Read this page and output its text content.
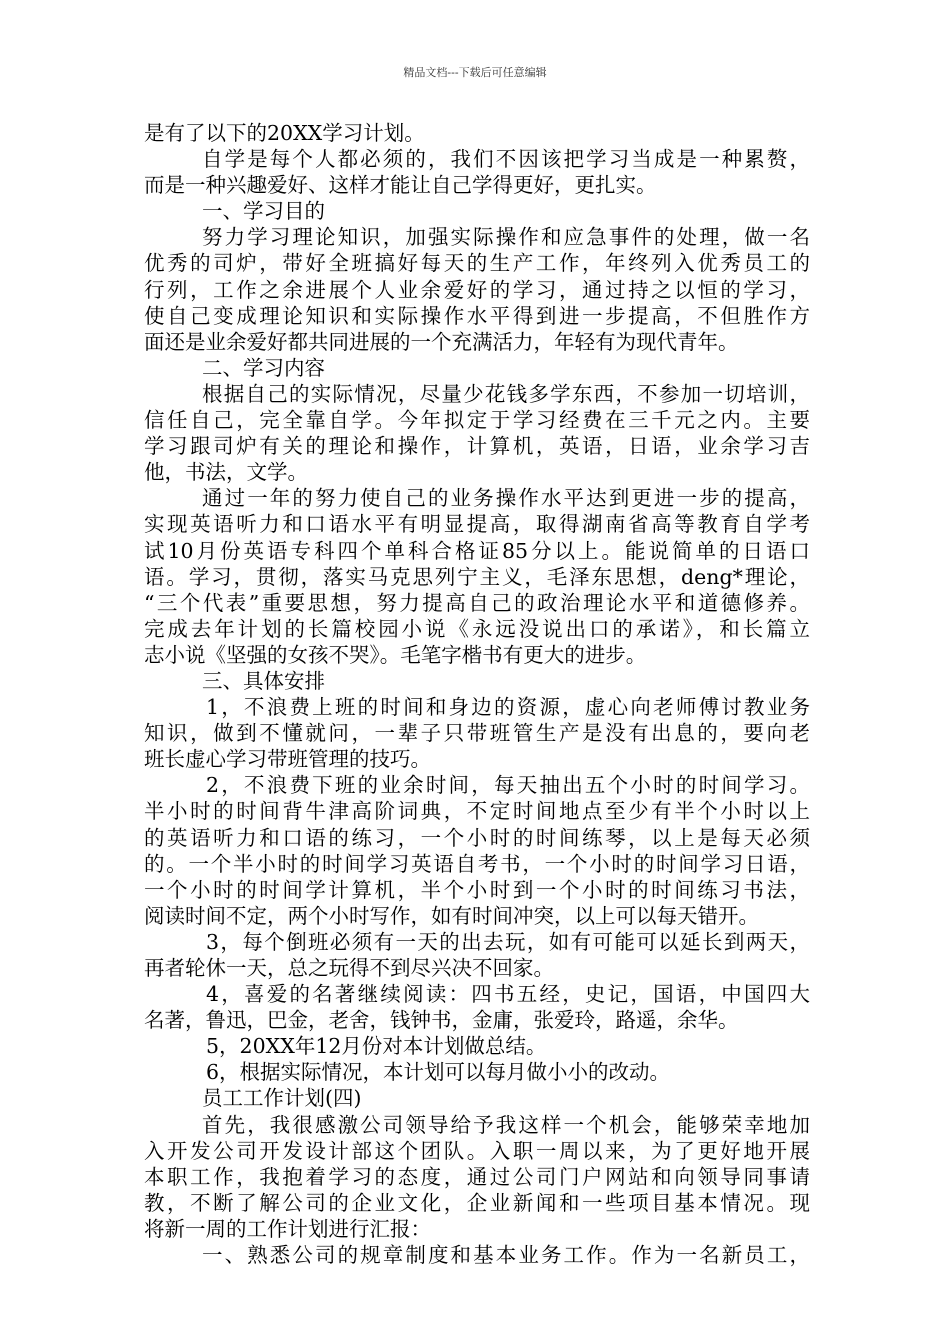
精品文档---下载后可任意编辑
是有了以下的20XX学习计划。
自学是每个人都必须的，我们不因该把学习当成是一种累赘，
而是一种兴趣爱好、这样才能让自己学得更好，更扎实。
一、学习目的
努力学习理论知识，加强实际操作和应急事件的处理，做一名
优秀的司炉，带好全班搞好每天的生产工作，年终列入优秀员工的
行列，工作之余进展个人业余爱好的学习，通过持之以恒的学习，
使自己变成理论知识和实际操作水平得到进一步提高，不但胜作方
面还是业余爱好都共同进展的一个充满活力，年轻有为现代青年。
二、学习内容
根据自己的实际情况，尽量少花钱多学东西，不参加一切培训，
信任自己，完全靠自学。今年拟定于学习经费在三千元之内。主要
学习跟司炉有关的理论和操作，计算机，英语，日语，业余学习吉
他，书法，文学。
通过一年的努力使自己的业务操作水平达到更进一步的提高，
实现英语听力和口语水平有明显提高，取得湖南省高等教育自学考
试10月份英语专科四个单科合格证85分以上。能说简单的日语口
语。学习，贯彻，落实马克思列宁主义，毛泽东思想，deng*理论，
“三个代表”重要思想，努力提高自己的政治理论水平和道德修养。
完成去年计划的长篇校园小说《永远没说出口的承诺》，和长篇立
志小说《坚强的女孩不哭》。毛笔字楷书有更大的进步。
三、具体安排
1，不浪费上班的时间和身边的资源，虚心向老师傅讨教业务
知识，做到不懂就问，一辈子只带班管生产是没有出息的，要向老
班长虚心学习带班管理的技巧。
2，不浪费下班的业余时间，每天抽出五个小时的时间学习。
半小时的时间背牛津高阶词典，不定时间地点至少有半个小时以上
的英语听力和口语的练习，一个小时的时间练琴，以上是每天必须
的。一个半小时的时间学习英语自考书，一个小时的时间学习日语，
一个小时的时间学计算机，半个小时到一个小时的时间练习书法，
阅读时间不定，两个小时写作，如有时间冲突，以上可以每天错开。
3，每个倒班必须有一天的出去玩，如有可能可以延长到两天，
再者轮休一天，总之玩得不到尽兴决不回家。
4，喜爱的名著继续阅读：四书五经，史记，国语，中国四大
名著，鲁迅，巴金，老舍，钱钟书，金庸，张爱玲，路遥，余华。
5，20XX年12月份对本计划做总结。
6，根据实际情况，本计划可以每月做小小的改动。
员工工作计划(四)
首先，我很感激公司领导给予我这样一个机会，能够荣幸地加
入开发公司开发设计部这个团队。入职一周以来，为了更好地开展
本职工作，我抱着学习的态度，通过公司门户网站和向领导同事请
教，不断了解公司的企业文化，企业新闻和一些项目基本情况。现
将新一周的工作计划进行汇报：
一、熟悉公司的规章制度和基本业务工作。作为一名新员工，
